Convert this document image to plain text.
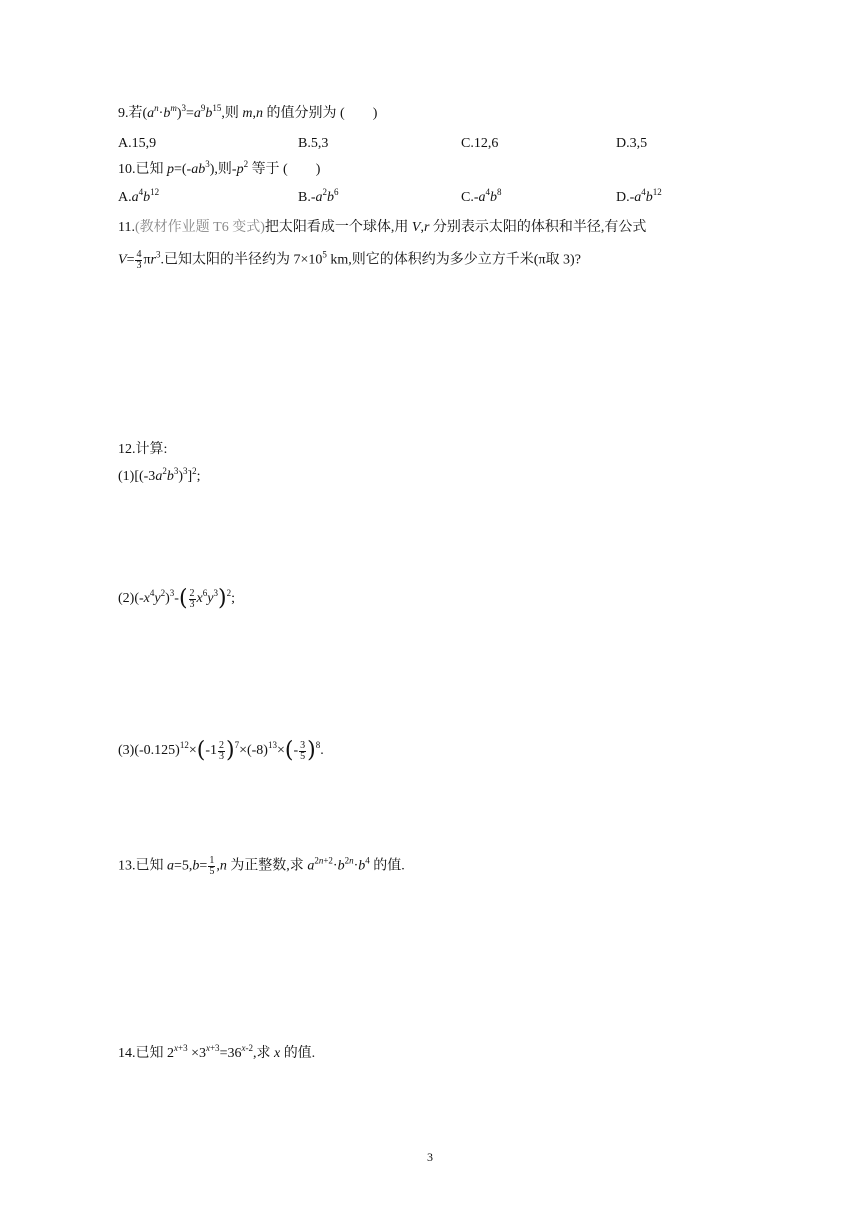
9.若$(a^n\cdot b^m)^3=a^9b^{15}$,则 m,n 的值分别为 (　　)
A.15,9	B.5,3	C.12,6	D.3,5
10.已知 $p=(-ab^3)$,则$-p^2$ 等于 (　　)
$A.a^4b^{12}$	$B.-a^2b^6$	$C.-a^4b^8$	$D.-a^4b^{12}$
11.(教材作业题 T6 变式)把太阳看成一个球体,用 V,r 分别表示太阳的体积和半径,有公式
$V= \frac{4}{3} \pi r^3$.已知太阳的半径约为 $7\times 10^5$ km,则它的体积约为多少立方千米(π取 3)?
12.计算:
$(1)[(-3a^2b^3)^3]^2$;
$(2)(-x^4y^2)^3-( \frac{2}{3} x^6y^3)^2$;
$(3)(-0.125)^{12}\times(-1 \frac{2}{3} )^7\times(-8)^{13}\times(- \frac{3}{5} )^8$.
13.已知 $a=5,b= \frac{1}{5} ,n$ 为正整数,求 $a^{2n+2}\cdot b^{2n}\cdot b^4$ 的值.
14.已知 $2^{x+3} \times 3^{x+3}=36^{x-2}$,求 x 的值.
3
